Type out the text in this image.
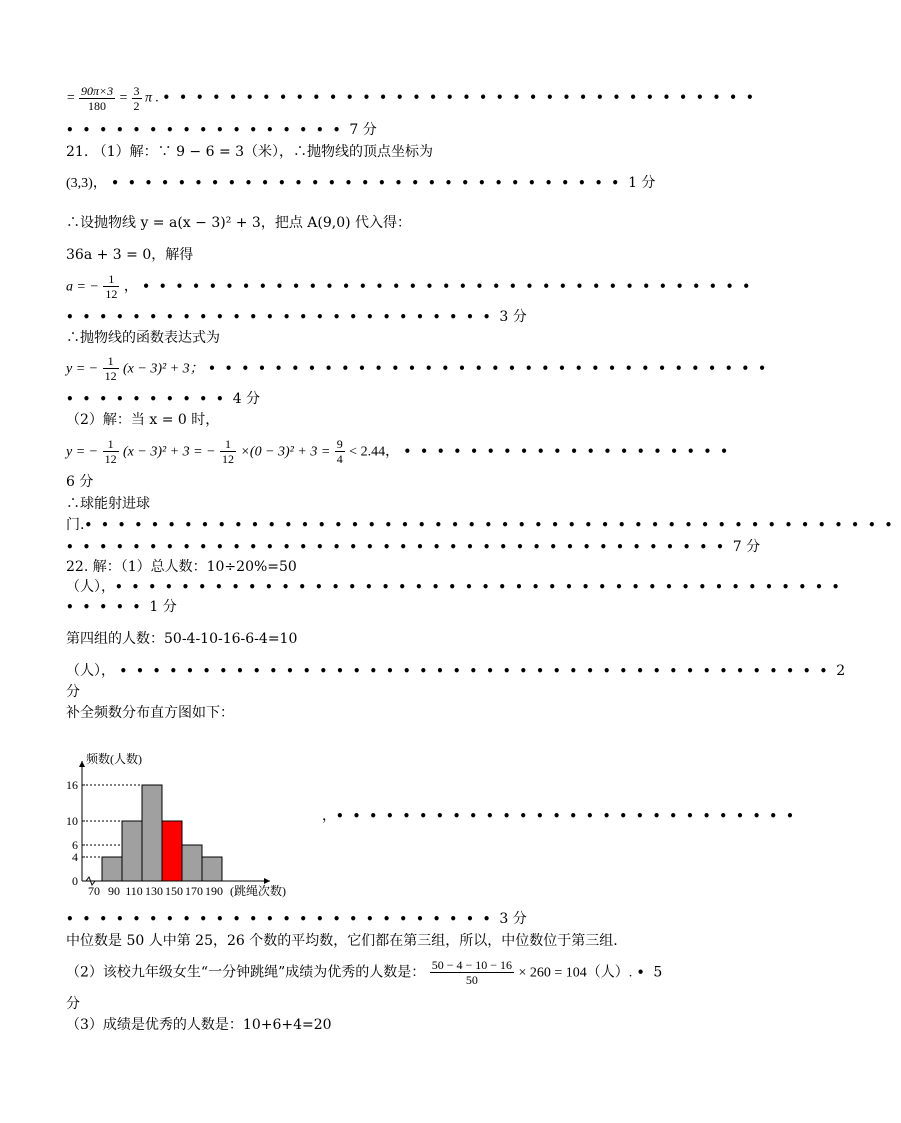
= $\frac{90\pi\times 3}{180} = \frac{3}{2}$ π . ••••••••••••••••••••••••••••••••••••
•••••••••••••••••7 分
21. （1）解：∵ 9 − 6 = 3（米），∴抛物线的顶点坐标为
(3,3)， •••••••••••••••••••••••••••••••1 分
∴设抛物线 y = a(x − 3)² + 3，把点 A(9,0) 代入得：
36a + 3 = 0，解得
a = − $\frac{1}{12}$ ， •••••••••••••••••••••••••••••••••••••
••••••••••••••••••••••••••3 分
∴抛物线的函数表达式为
y = − $\frac{1}{12} (x - 3)^2 + 3$； ••••••••••••••••••••••••••••••••••
••••••••••4 分
（2）解：当 x = 0 时，
y = − $\frac{1}{12} (x - 3)^2 + 3$ = − $\frac{1}{12} \times(0 - 3)^2 + 3 = \frac{9}{4} < 2.44$， ••••••••••••••••••••
6 分
∴球能射进球
门.•••••••••••••••••••••••••••••••••••••••••••••••••
••••••••••••••••••••••••••••••••••••••••7 分
22. 解：（1）总人数：10÷20%=50
（人），••••••••••••••••••••••••••••••••••••••••••••
•••••1 分
第四组的人数：50-4-10-16-6-4=10
（人）， •••••••••••••••••••••••••••••••••••••••••••2
分
补全频数分布直方图如下：
0
4
6
10
16
70 90 110 130 150 170 190 (跳绳次数)
频数(人数)
，••••••••••••••••••••••••••••
••••••••••••••••••••••••••3 分
中位数是 50 人中第 25，26 个数的平均数，它们都在第三组，所以，中位数位于第三组.
（2）该校九年级女生“一分钟跳绳”成绩为优秀的人数是： $\frac{50 - 4 - 10 - 16}{50} \times 260 = 104$（人）. •5
分
（3）成绩是优秀的人数是：10+6+4=20
